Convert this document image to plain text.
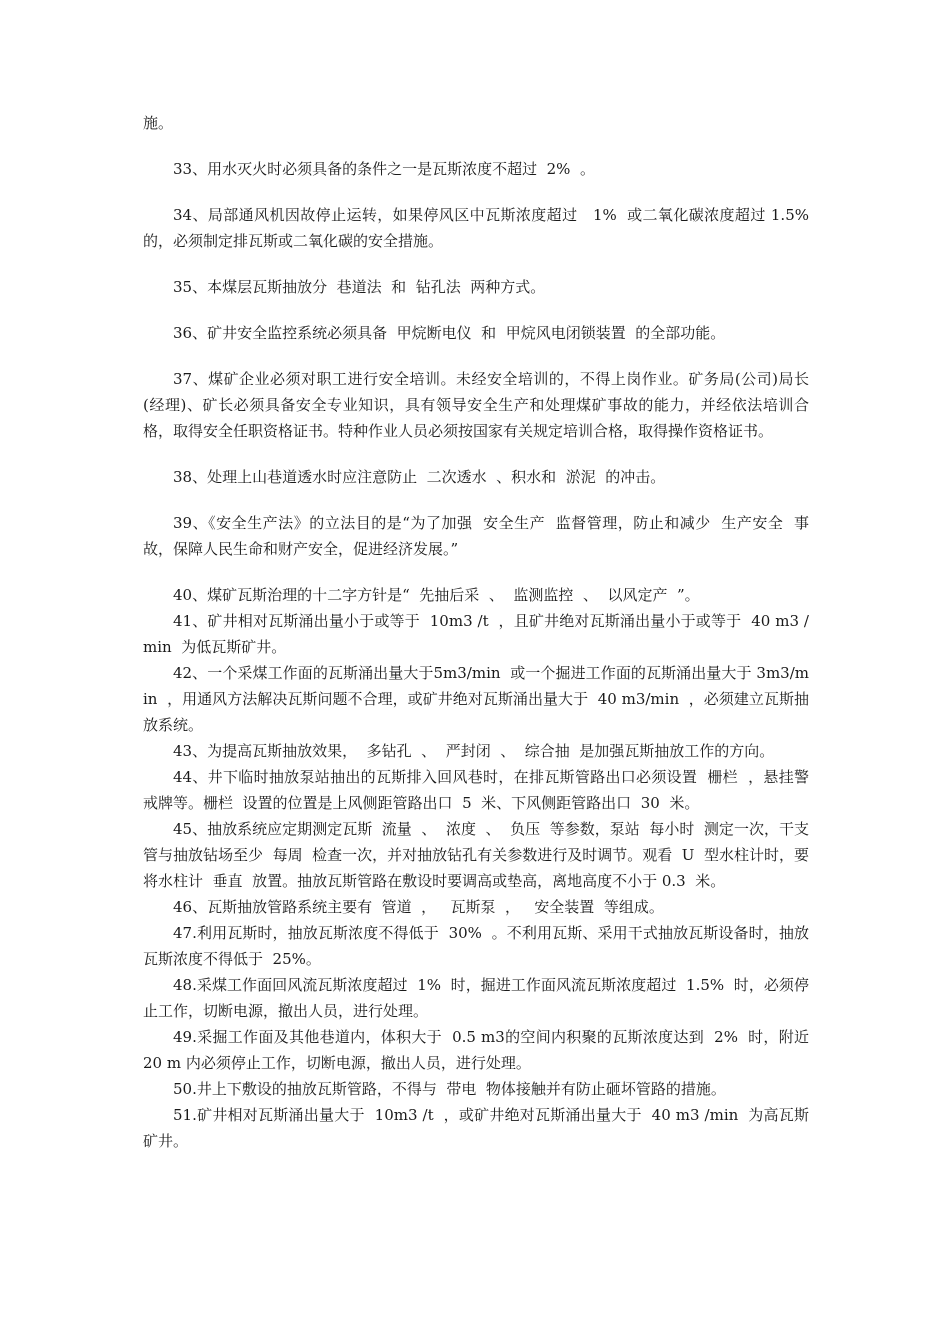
施。

33、用水灭火时必须具备的条件之一是瓦斯浓度不超过  2%  。

34、局部通风机因故停止运转，如果停风区中瓦斯浓度超过   1%  或二氧化碳浓度超过 1.5%  的，必须制定排瓦斯或二氧化碳的安全措施。

35、本煤层瓦斯抽放分  巷道法  和  钻孔法  两种方式。

36、矿井安全监控系统必须具备  甲烷断电仪  和  甲烷风电闭锁装置  的全部功能。

37、煤矿企业必须对职工进行安全培训。未经安全培训的，不得上岗作业。矿务局(公司)局长(经理)、矿长必须具备安全专业知识，具有领导安全生产和处理煤矿事故的能力，并经依法培训合格，取得安全任职资格证书。特种作业人员必须按国家有关规定培训合格，取得操作资格证书。

38、处理上山巷道透水时应注意防止  二次透水  、积水和  淤泥  的冲击。

39、《安全生产法》的立法目的是“为了加强  安全生产  监督管理，防止和减少  生产安全  事故，保障人民生命和财产安全，促进经济发展。”

40、煤矿瓦斯治理的十二字方针是“  先抽后采  、  监测监控  、  以风定产  ”。

41、矿井相对瓦斯涌出量小于或等于  10m3 /t  ，且矿井绝对瓦斯涌出量小于或等于  40 m3 /min  为低瓦斯矿井。

42、一个采煤工作面的瓦斯涌出量大于5m3/min  或一个掘进工作面的瓦斯涌出量大于 3m3/min  ，用通风方法解决瓦斯问题不合理，或矿井绝对瓦斯涌出量大于  40 m3/min  ，必须建立瓦斯抽放系统。

43、为提高瓦斯抽放效果，  多钻孔  、  严封闭  、  综合抽  是加强瓦斯抽放工作的方向。

44、井下临时抽放泵站抽出的瓦斯排入回风巷时，在排瓦斯管路出口必须设置  栅栏  ，悬挂警戒牌等。栅栏  设置的位置是上风侧距管路出口  5  米、下风侧距管路出口  30  米。

45、抽放系统应定期测定瓦斯  流量  、  浓度  、  负压  等参数，泵站  每小时  测定一次，干支管与抽放钻场至少  每周  检查一次，并对抽放钻孔有关参数进行及时调节。观看  U  型水柱计时，要将水柱计  垂直  放置。抽放瓦斯管路在敷设时要调高或垫高，离地高度不小于 0.3  米。

46、瓦斯抽放管路系统主要有  管道  ，   瓦斯泵  ，   安全装置  等组成。

47.利用瓦斯时，抽放瓦斯浓度不得低于  30%  。不利用瓦斯、采用干式抽放瓦斯设备时，抽放瓦斯浓度不得低于  25%。

48.采煤工作面回风流瓦斯浓度超过  1%  时，掘进工作面风流瓦斯浓度超过  1.5%  时，必须停止工作，切断电源，撤出人员，进行处理。

49.采掘工作面及其他巷道内，体积大于  0.5 m3的空间内积聚的瓦斯浓度达到  2%  时，附近  20 m 内必须停止工作，切断电源，撤出人员，进行处理。

50.井上下敷设的抽放瓦斯管路，不得与  带电  物体接触并有防止砸坏管路的措施。

51.矿井相对瓦斯涌出量大于  10m3 /t  ，或矿井绝对瓦斯涌出量大于  40 m3 /min  为高瓦斯矿井。
